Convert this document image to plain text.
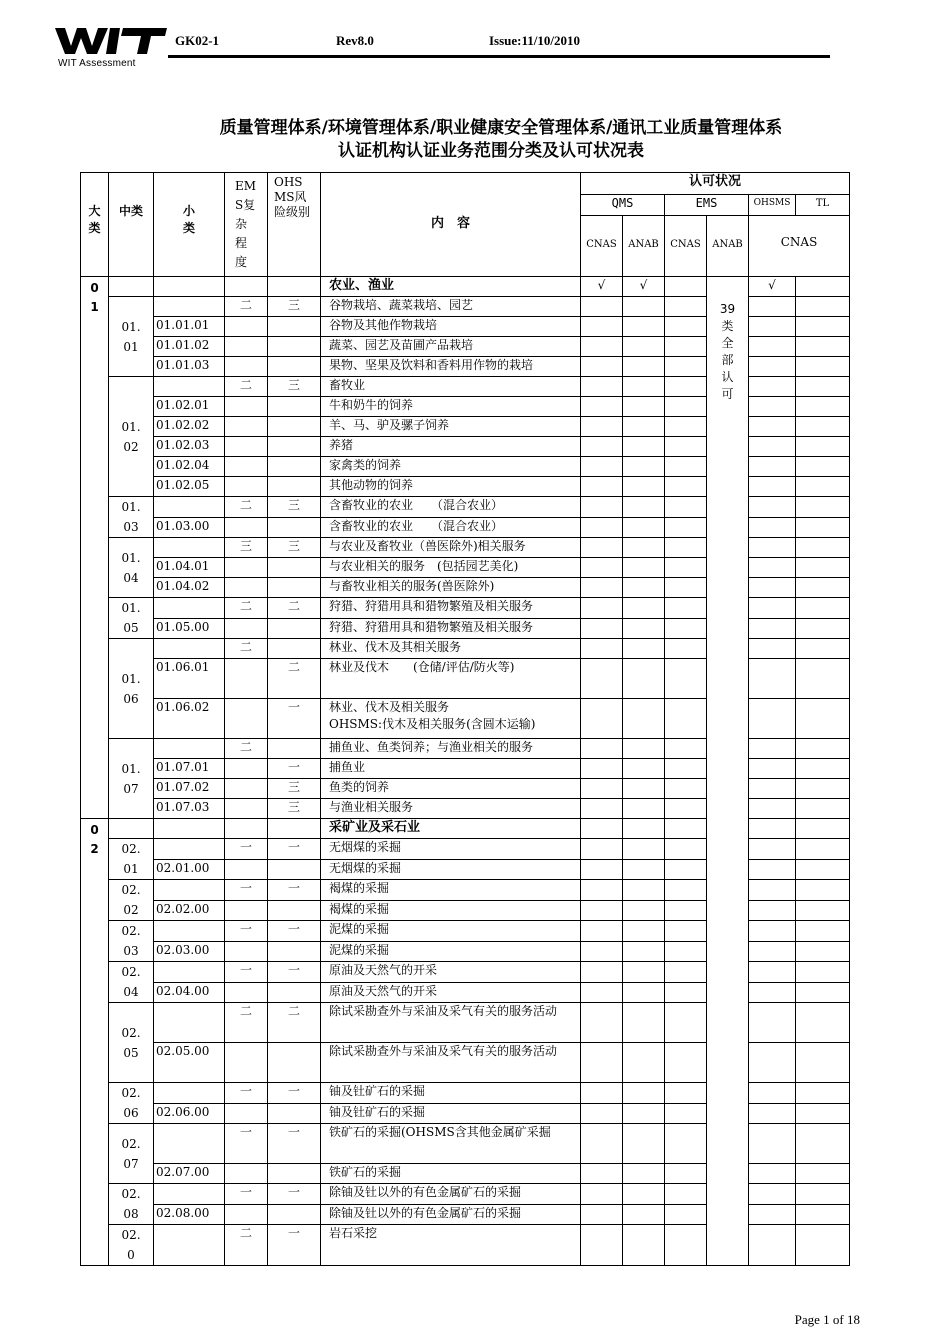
WIT Assessment
GK02-1	Rev8.0	Issue:11/10/2010
质量管理体系/环境管理体系/职业健康安全管理体系/通讯工业质量管理体系
认证机构认证业务范围分类及认可状况表
大类	中类	小类	EMS复杂程度	OHSMS风险级别	内　容	认可状况					
						QMS		EMS		OHSMS	TL
						CNAS	ANAB	CNAS	ANAB	CNAS	
01					农业、渔业	√	√		39类全部认可	√	
	01.01		二	三	谷物栽培、蔬菜栽培、园艺						
		01.01.01			谷物及其他作物栽培						
		01.01.02			蔬菜、园艺及苗圃产品栽培						
		01.01.03			果物、坚果及饮料和香料用作物的栽培						
	01.02		二	三	畜牧业						
		01.02.01			牛和奶牛的饲养						
		01.02.02			羊、马、驴及骡子饲养						
		01.02.03			养猪						
		01.02.04			家禽类的饲养						
		01.02.05			其他动物的饲养						
	01.03		二	三	含畜牧业的农业　　（混合农业）						
		01.03.00			含畜牧业的农业　　（混合农业）						
	01.04		三	三	与农业及畜牧业（兽医除外)相关服务						
		01.04.01			与农业相关的服务　(包括园艺美化)						
		01.04.02			与畜牧业相关的服务(兽医除外)						
	01.05		二	二	狩猎、狩猎用具和猎物繁殖及相关服务						
		01.05.00			狩猎、狩猎用具和猎物繁殖及相关服务						
	01.06		二		林业、伐木及其相关服务						
		01.06.01		二	林业及伐木　　(仓储/评估/防火等)						
		01.06.02		一	林业、伐木及相关服务
OHSMS:伐木及相关服务(含圆木运输)						
	01.07		二		捕鱼业、鱼类饲养；与渔业相关的服务						
		01.07.01		一	捕鱼业						
		01.07.02		三	鱼类的饲养						
		01.07.03		三	与渔业相关服务						
02					采矿业及采石业						
	02.01		一	一	无烟煤的采掘						
		02.01.00			无烟煤的采掘						
	02.02		一	一	褐煤的采掘						
		02.02.00			褐煤的采掘						
	02.03		一	一	泥煤的采掘						
		02.03.00			泥煤的采掘						
	02.04		一	一	原油及天然气的开采						
		02.04.00			原油及天然气的开采						
	02.05		二	二	除试采勘查外与采油及采气有关的服务活动						
		02.05.00			除试采勘查外与采油及采气有关的服务活动						
	02.06		一	一	铀及钍矿石的采掘						
		02.06.00			铀及钍矿石的采掘						
	02.07		一	一	铁矿石的采掘(OHSMS含其他金属矿采掘						
		02.07.00			铁矿石的采掘						
	02.08		一	一	除铀及钍以外的有色金属矿石的采掘						
		02.08.00			除铀及钍以外的有色金属矿石的采掘						
	02.0		二	一	岩石采挖						
Page 1 of 18
